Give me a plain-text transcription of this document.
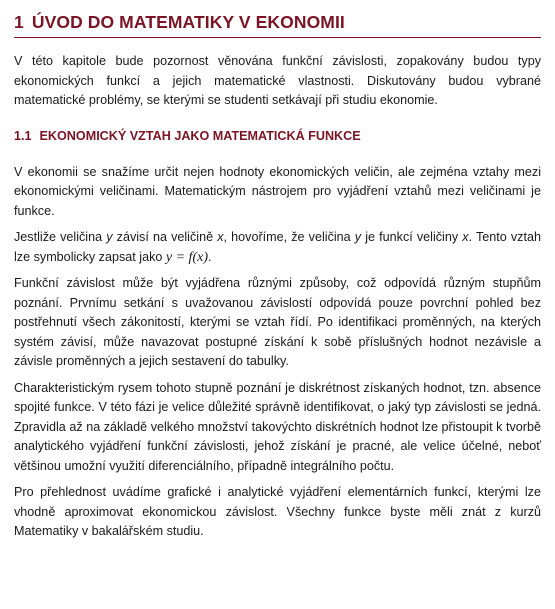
1 ÚVOD DO MATEMATIKY V EKONOMII

V této kapitole bude pozornost věnována funkční závislosti, zopakovány budou typy ekonomických funkcí a jejich matematické vlastnosti. Diskutovány budou vybrané matematické problémy, se kterými se studenti setkávají při studiu ekonomie.

1.1 EKONOMICKÝ VZTAH JAKO MATEMATICKÁ FUNKCE

V ekonomii se snažíme určit nejen hodnoty ekonomických veličin, ale zejména vztahy mezi ekonomickými veličinami. Matematickým nástrojem pro vyjádření vztahů mezi veličinami je funkce.

Jestliže veličina y závisí na veličině x, hovoříme, že veličina y je funkcí veličiny x. Tento vztah lze symbolicky zapsat jako y = f(x).

Funkční závislost může být vyjádřena různými způsoby, což odpovídá různým stupňům poznání. Prvnímu setkání s uvažovanou závislostí odpovídá pouze povrchní pohled bez postřehnutí všech zákonitostí, kterými se vztah řídí. Po identifikaci proměnných, na kterých systém závisí, může navazovat postupné získání k sobě příslušných hodnot nezávisle a závisle proměnných a jejich sestavení do tabulky.

Charakteristickým rysem tohoto stupně poznání je diskrétnost získaných hodnot, tzn. absence spojité funkce. V této fázi je velice důležité správně identifikovat, o jaký typ závislosti se jedná. Zpravidla až na základě velkého množství takovýchto diskrétních hodnot lze přistoupit k tvorbě analytického vyjádření funkční závislosti, jehož získání je pracné, ale velice účelné, neboť většinou umožní využití diferenciálního, případně integrálního počtu.

Pro přehlednost uvádíme grafické i analytické vyjádření elementárních funkcí, kterými lze vhodně aproximovat ekonomickou závislost. Všechny funkce byste měli znát z kurzů Matematiky v bakalářském studiu.
